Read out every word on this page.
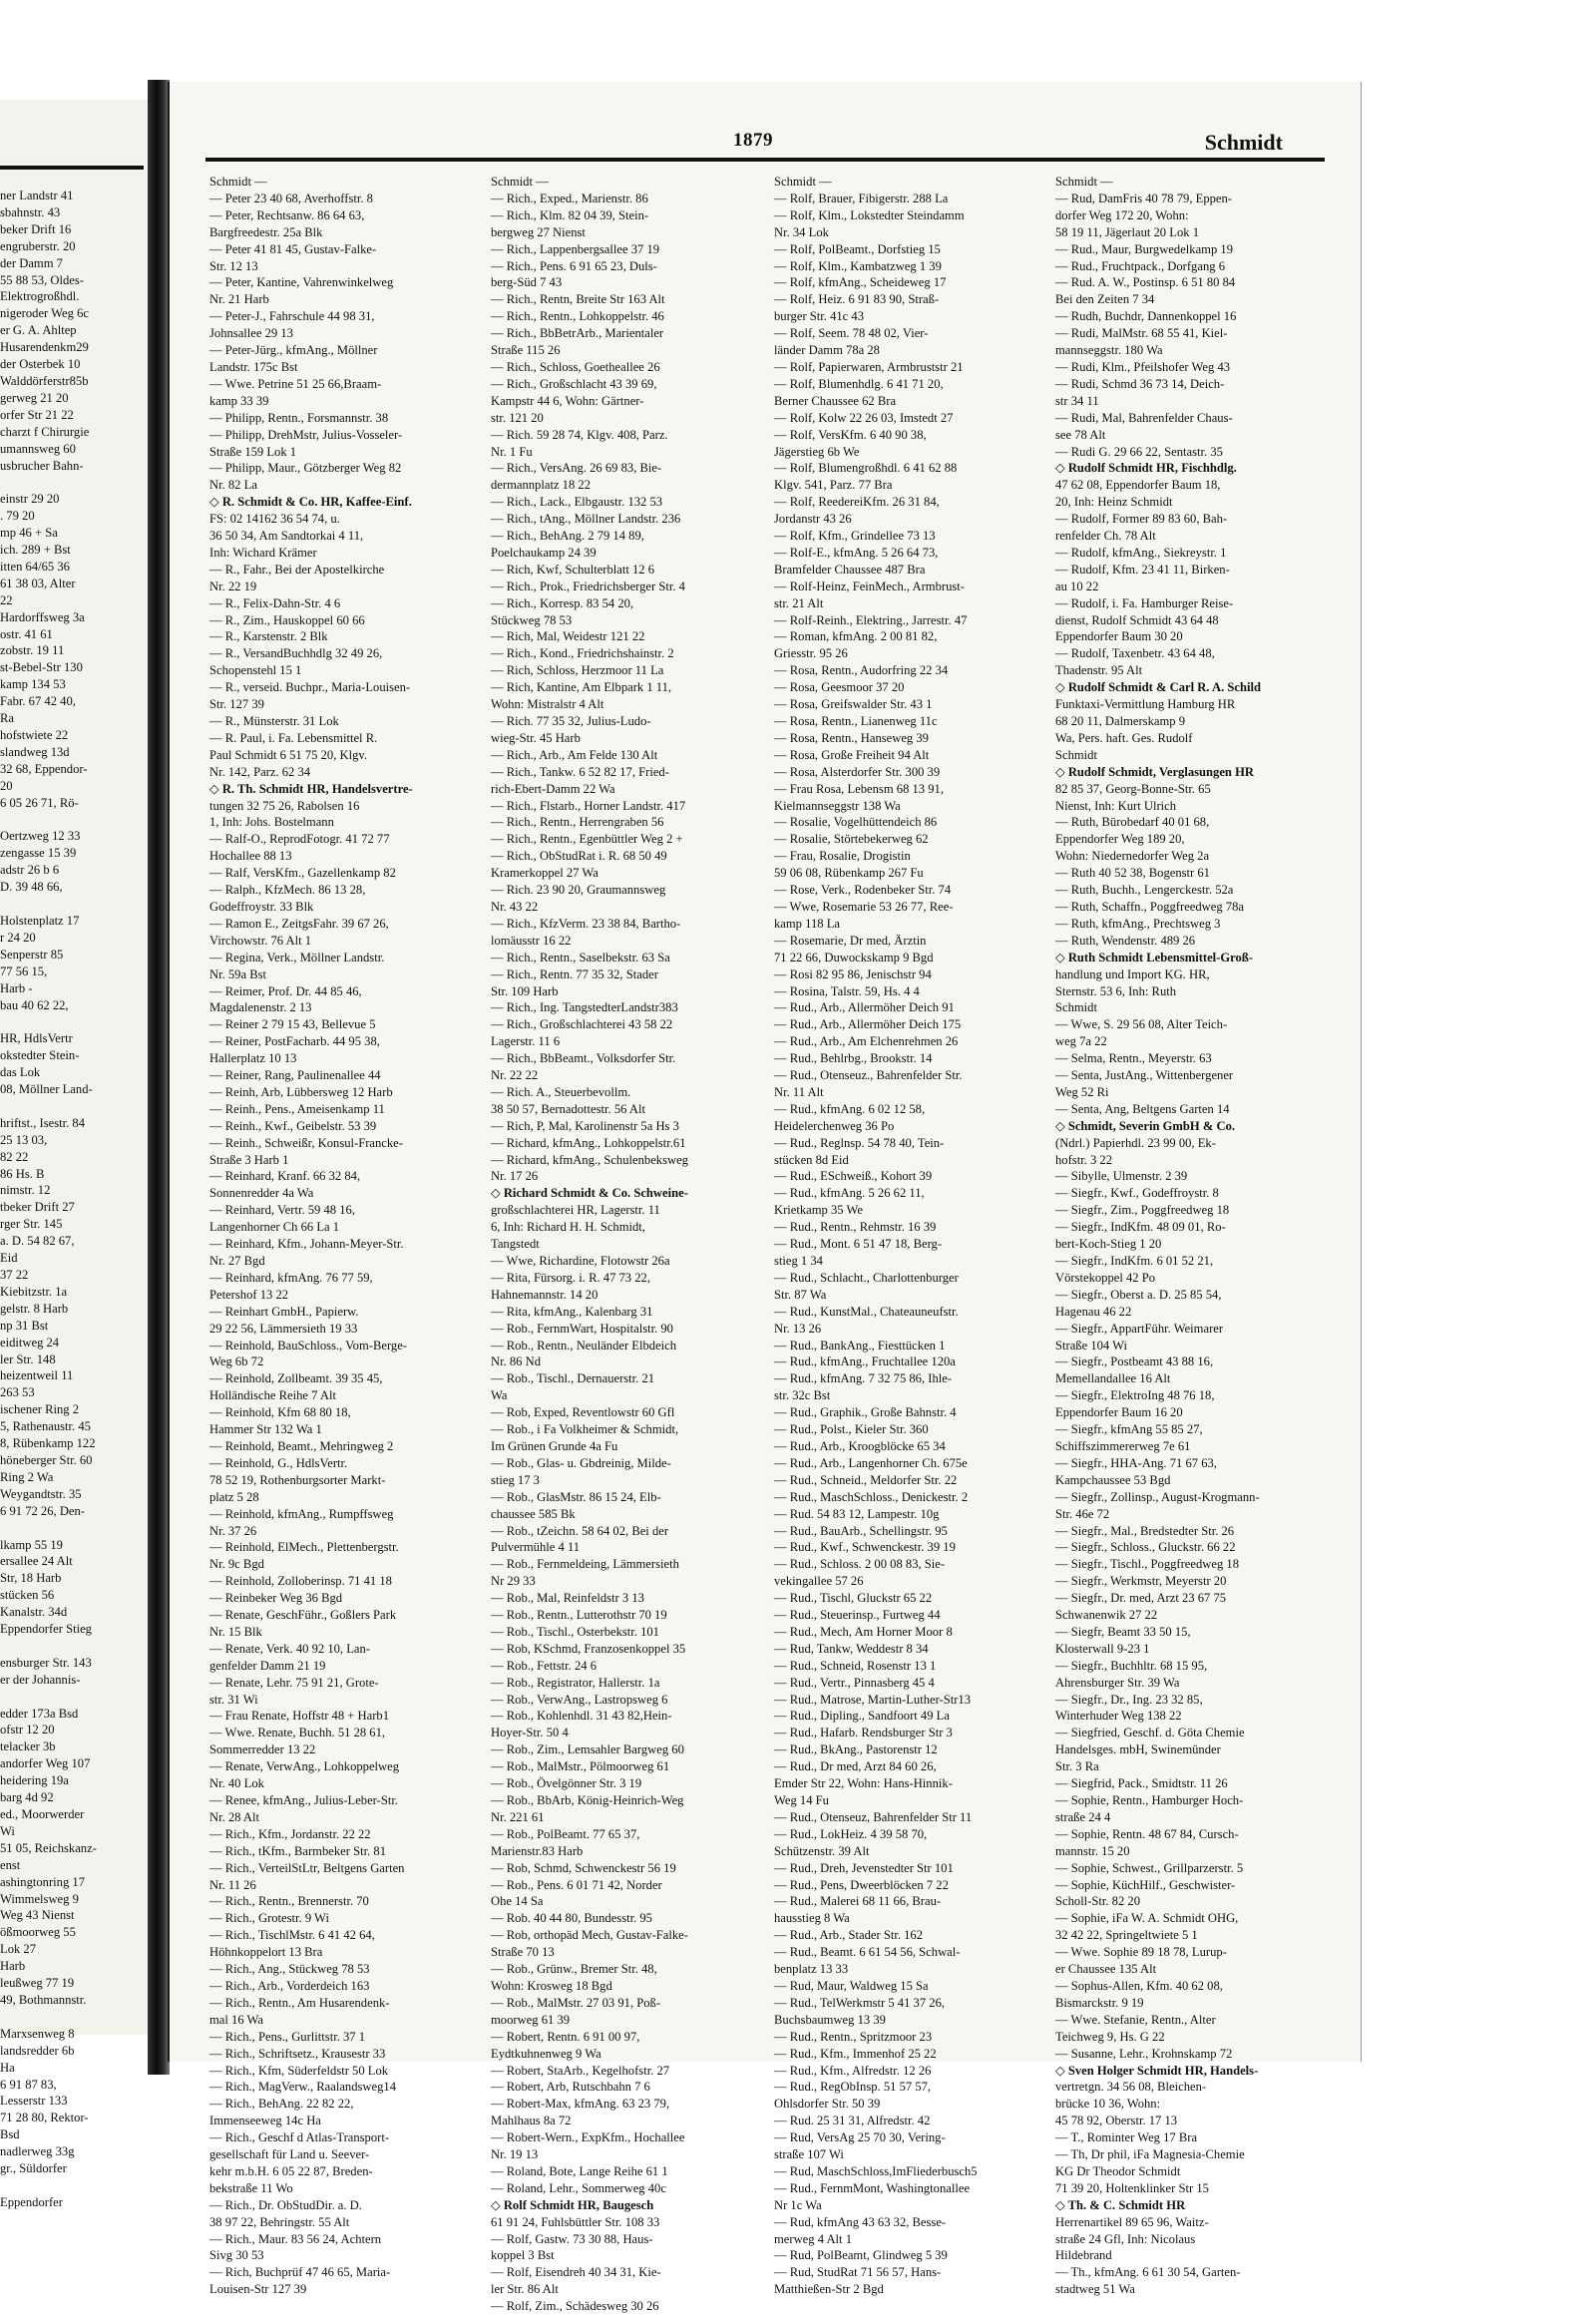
ner Landstr 41
sbahnstr. 43
beker Drift 16
engruberstr. 20
der Damm 7
55 88 53, Oldes-
Elektrogroßhdl.
nigeroder Weg 6c
er G. A. Ahltep
Husarendenkm29
der Osterbek 10
Walddörferstr85b
gerweg 21 20
orfer Str 21 22
charzt f Chirurgie
umannsweg 60
usbrucher Bahn-

einstr 29 20
. 79 20
mp 46 + Sa
ich. 289 + Bst
itten 64/65 36
61 38 03, Alter
22
Hardorffsweg 3a
ostr. 41 61
zobstr. 19 11
st-Bebel-Str 130
kamp 134 53
Fabr. 67 42 40,
Ra
hofstwiete 22
slandweg 13d
32 68, Eppendor-
20
6 05 26 71, Rö-

Oertzweg 12 33
zengasse 15 39
adstr 26 b 6
D. 39 48 66,

Holstenplatz 17
r 24 20
Senperstr 85
77 56 15,
Harb -
bau 40 62 22,

HR, HdlsVertr
okstedter Stein-
das Lok
08, Möllner Land-

hriftst., Isestr. 84
25 13 03,
82 22
86 Hs. B
nimstr. 12
tbeker Drift 27
rger Str. 145
a. D. 54 82 67,
Eid
37 22
Kiebitzstr. 1a
gelstr. 8 Harb
np 31 Bst
eiditweg 24
ler Str. 148
heizentweil 11
263 53
ischener Ring 2
5, Rathenaustr. 45
8, Rübenkamp 122
höneberger Str. 60
Ring 2 Wa
Weygandtstr. 35
6 91 72 26, Den-

lkamp 55 19
ersallee 24 Alt
Str, 18 Harb
stücken 56
Kanalstr. 34d
Eppendorfer Stieg

ensburger Str. 143
er der Johannis-

edder 173a Bsd
ofstr 12 20
telacker 3b
andorfer Weg 107
heidering 19a
barg 4d 92
ed., Moorwerder
Wi
51 05, Reichskanz-
enst
ashingtonring 17
Wimmelsweg 9
Weg 43 Nienst
ößmoorweg 55
Lok 27
Harb
leußweg 77 19
49, Bothmannstr.

Marxsenweg 8
landsredder 6b
Ha
6 91 87 83,
Lesserstr 133
71 28 80, Rektor-
Bsd
nadlerweg 33g
gr., Süldorfer

Eppendorfer
1879	Schmidt
Schmidt —
— Peter 23 40 68, Averhoffstr. 8
— Peter, Rechtsanw. 86 64 63,
Bargfreedestr. 25a Blk
— Peter 41 81 45, Gustav-Falke-
Str. 12 13
— Peter, Kantine, Vahrenwinkelweg
Nr. 21 Harb
— Peter-J., Fahrschule 44 98 31,
Johnsallee 29 13
— Peter-Jürg., kfmAng., Möllner
Landstr. 175c Bst
— Wwe. Petrine 51 25 66,Braam-
kamp 33 39
— Philipp, Rentn., Forsmannstr. 38
— Philipp, DrehMstr, Julius-Vosseler-
Straße 159 Lok 1
— Philipp, Maur., Götzberger Weg 82
Nr. 82 La
◇ R. Schmidt & Co. HR, Kaffee-Einf.
FS: 02 14162 36 54 74, u.
36 50 34, Am Sandtorkai 4 11,
Inh: Wichard Krämer
— R., Fahr., Bei der Apostelkirche
Nr. 22 19
— R., Felix-Dahn-Str. 4 6
— R., Zim., Hauskoppel 60 66
— R., Karstenstr. 2 Blk
— R., VersandBuchhdlg 32 49 26,
Schopenstehl 15 1
— R., verseid. Buchpr., Maria-Louisen-
Str. 127 39
— R., Münsterstr. 31 Lok
— R. Paul, i. Fa. Lebensmittel R.
Paul Schmidt 6 51 75 20, Klgv.
Nr. 142, Parz. 62 34
◇ R. Th. Schmidt HR, Handelsvertre-
tungen 32 75 26, Rabolsen 16
1, Inh: Johs. Bostelmann
— Ralf-O., ReprodFotogr. 41 72 77
Hochallee 88 13
— Ralf, VersKfm., Gazellenkamp 82
— Ralph., KfzMech. 86 13 28,
Godeffroystr. 33 Blk
— Ramon E., ZeitgsFahr. 39 67 26,
Virchowstr. 76 Alt 1
— Regina, Verk., Möllner Landstr.
Nr. 59a Bst
— Reimer, Prof. Dr. 44 85 46,
Magdalenenstr. 2 13
— Reiner 2 79 15 43, Bellevue 5
— Reiner, PostFacharb. 44 95 38,
Hallerplatz 10 13
— Reiner, Rang, Paulinenallee 44
— Reinh, Arb, Lübbersweg 12 Harb
— Reinh., Pens., Ameisenkamp 11
— Reinh., Kwf., Geibelstr. 53 39
— Reinh., Schweißr, Konsul-Francke-
Straße 3 Harb 1
— Reinhard, Kranf. 66 32 84,
Sonnenredder 4a Wa
— Reinhard, Vertr. 59 48 16,
Langenhorner Ch 66 La 1
— Reinhard, Kfm., Johann-Meyer-Str.
Nr. 27 Bgd
— Reinhard, kfmAng. 76 77 59,
Petershof 13 22
— Reinhart GmbH., Papierw.
29 22 56, Lämmersieth 19 33
— Reinhold, BauSchloss., Vom-Berge-
Weg 6b 72
— Reinhold, Zollbeamt. 39 35 45,
Holländische Reihe 7 Alt
— Reinhold, Kfm 68 80 18,
Hammer Str 132 Wa 1
— Reinhold, Beamt., Mehringweg 2
— Reinhold, G., HdlsVertr.
78 52 19, Rothenburgsorter Markt-
platz 5 28
— Reinhold, kfmAng., Rumpffsweg
Nr. 37 26
— Reinhold, ElMech., Plettenbergstr.
Nr. 9c Bgd
— Reinhold, Zolloberinsp. 71 41 18
— Reinbeker Weg 36 Bgd
— Renate, GeschFühr., Goßlers Park
Nr. 15 Blk
— Renate, Verk. 40 92 10, Lan-
genfelder Damm 21 19
— Renate, Lehr. 75 91 21, Grote-
str. 31 Wi
— Frau Renate, Hoffstr 48 + Harb1
— Wwe. Renate, Buchh. 51 28 61,
Sommerredder 13 22
— Renate, VerwAng., Lohkoppelweg
Nr. 40 Lok
— Renee, kfmAng., Julius-Leber-Str.
Nr. 28 Alt
— Rich., Kfm., Jordanstr. 22 22
— Rich., tKfm., Barmbeker Str. 81
— Rich., VerteilStLtr, Beltgens Garten
Nr. 11 26
— Rich., Rentn., Brennerstr. 70
— Rich., Grotestr. 9 Wi
— Rich., TischlMstr. 6 41 42 64,
Höhnkoppelort 13 Bra
— Rich., Ang., Stückweg 78 53
— Rich., Arb., Vorderdeich 163
— Rich., Rentn., Am Husarendenk-
mal 16 Wa
— Rich., Pens., Gurlittstr. 37 1
— Rich., Schriftsetz., Krausestr 33
— Rich., Kfm, Süderfeldstr 50 Lok
— Rich., MagVerw., Raalandsweg14
— Rich., BehAng. 22 82 22,
Immenseeweg 14c Ha
— Rich., Geschf d Atlas-Transport-
gesellschaft für Land u. Seever-
kehr m.b.H. 6 05 22 87, Breden-
bekstraße 11 Wo
— Rich., Dr. ObStudDir. a. D.
38 97 22, Behringstr. 55 Alt
— Rich., Maur. 83 56 24, Achtern
Sivg 30 53
— Rich, Buchprüf 47 46 65, Maria-
Louisen-Str 127 39
Schmidt —
— Rich., Exped., Marienstr. 86
— Rich., Klm. 82 04 39, Stein-
bergweg 27 Nienst
— Rich., Lappenbergsallee 37 19
— Rich., Pens. 6 91 65 23, Duls-
berg-Süd 7 43
— Rich., Rentn, Breite Str 163 Alt
— Rich., Rentn., Lohkoppelstr. 46
— Rich., BbBetrArb., Marientaler
Straße 115 26
— Rich., Schloss, Goetheallee 26
— Rich., Großschlacht 43 39 69,
Kampstr 44 6, Wohn: Gärtner-
str. 121 20
— Rich. 59 28 74, Klgv. 408, Parz.
Nr. 1 Fu
— Rich., VersAng. 26 69 83, Bie-
dermannplatz 18 22
— Rich., Lack., Elbgaustr. 132 53
— Rich., tAng., Möllner Landstr. 236
— Rich., BehAng. 2 79 14 89,
Poelchaukamp 24 39
— Rich, Kwf, Schulterblatt 12 6
— Rich., Prok., Friedrichsberger Str. 4
— Rich., Korresp. 83 54 20,
Stückweg 78 53
— Rich, Mal, Weidestr 121 22
— Rich., Kond., Friedrichshainstr. 2
— Rich, Schloss, Herzmoor 11 La
— Rich, Kantine, Am Elbpark 1 11,
Wohn: Mistralstr 4 Alt
— Rich. 77 35 32, Julius-Ludo-
wieg-Str. 45 Harb
— Rich., Arb., Am Felde 130 Alt
— Rich., Tankw. 6 52 82 17, Fried-
rich-Ebert-Damm 22 Wa
— Rich., Flstarb., Horner Landstr. 417
— Rich., Rentn., Herrengraben 56
— Rich., Rentn., Egenbüttler Weg 2 +
— Rich., ObStudRat i. R. 68 50 49
Kramerkoppel 27 Wa
— Rich. 23 90 20, Graumannsweg
Nr. 43 22
— Rich., KfzVerm. 23 38 84, Bartho-
lomäusstr 16 22
— Rich., Rentn., Saselbekstr. 63 Sa
— Rich., Rentn. 77 35 32, Stader
Str. 109 Harb
— Rich., Ing. TangstedterLandstr383
— Rich., Großschlachterei 43 58 22
Lagerstr. 11 6
— Rich., BbBeamt., Volksdorfer Str.
Nr. 22 22
— Rich. A., Steuerbevollm.
38 50 57, Bernadottestr. 56 Alt
— Rich, P, Mal, Karolinenstr 5a Hs 3
— Richard, kfmAng., Lohkoppelstr.61
— Richard, kfmAng., Schulenbeksweg
Nr. 17 26
◇ Richard Schmidt & Co. Schweine-
großschlachterei HR, Lagerstr. 11
6, Inh: Richard H. H. Schmidt,
Tangstedt
— Wwe, Richardine, Flotowstr 26a
— Rita, Fürsorg. i. R. 47 73 22,
Hahnemannstr. 14 20
— Rita, kfmAng., Kalenbarg 31
— Rob., FernmWart, Hospitalstr. 90
— Rob., Rentn., Neuländer Elbdeich
Nr. 86 Nd
— Rob., Tischl., Dernauerstr. 21
Wa
— Rob, Exped, Reventlowstr 60 Gfl
— Rob., i Fa Volkheimer & Schmidt,
Im Grünen Grunde 4a Fu
— Rob., Glas- u. Gbdreinig, Milde-
stieg 17 3
— Rob., GlasMstr. 86 15 24, Elb-
chaussee 585 Bk
— Rob., tZeichn. 58 64 02, Bei der
Pulvermühle 4 11
— Rob., Fernmeldeing, Lämmersieth
Nr 29 33
— Rob., Mal, Reinfeldstr 3 13
— Rob., Rentn., Lutterothstr 70 19
— Rob., Tischl., Osterbekstr. 101
— Rob, KSchmd, Franzosenkoppel 35
— Rob., Fettstr. 24 6
— Rob., Registrator, Hallerstr. 1a
— Rob., VerwAng., Lastropsweg 6
— Rob., Kohlenhdl. 31 43 82,Hein-
Hoyer-Str. 50 4
— Rob., Zim., Lemsahler Bargweg 60
— Rob., MalMstr., Pölmoorweg 61
— Rob., Övelgönner Str. 3 19
— Rob., BbArb, König-Heinrich-Weg
Nr. 221 61
— Rob., PolBeamt. 77 65 37,
Marienstr.83 Harb
— Rob, Schmd, Schwenckestr 56 19
— Rob., Pens. 6 01 71 42, Norder
Ohe 14 Sa
— Rob. 40 44 80, Bundesstr. 95
— Rob, orthopäd Mech, Gustav-Falke-
Straße 70 13
— Rob., Grünw., Bremer Str. 48,
Wohn: Krosweg 18 Bgd
— Rob., MalMstr. 27 03 91, Poß-
moorweg 61 39
— Robert, Rentn. 6 91 00 97,
Eydtkuhnenweg 9 Wa
— Robert, StaArb., Kegelhofstr. 27
— Robert, Arb, Rutschbahn 7 6
— Robert-Max, kfmAng. 63 23 79,
Mahlhaus 8a 72
— Robert-Wern., ExpKfm., Hochallee
Nr. 19 13
— Roland, Bote, Lange Reihe 61 1
— Roland, Lehr., Sommerweg 40c
◇ Rolf Schmidt HR, Baugesch
61 91 24, Fuhlsbüttler Str. 108 33
— Rolf, Gastw. 73 30 88, Haus-
koppel 3 Bst
— Rolf, Eisendreh 40 34 31, Kie-
ler Str. 86 Alt
— Rolf, Zim., Schädesweg 30 26
Schmidt —
— Rolf, Brauer, Fibigerstr. 288 La
— Rolf, Klm., Lokstedter Steindamm
Nr. 34 Lok
— Rolf, PolBeamt., Dorfstieg 15
— Rolf, Klm., Kambatzweg 1 39
— Rolf, kfmAng., Scheideweg 17
— Rolf, Heiz. 6 91 83 90, Straß-
burger Str. 41c 43
— Rolf, Seem. 78 48 02, Vier-
länder Damm 78a 28
— Rolf, Papierwaren, Armbruststr 21
— Rolf, Blumenhdlg. 6 41 71 20,
Berner Chaussee 62 Bra
— Rolf, Kolw 22 26 03, Imstedt 27
— Rolf, VersKfm. 6 40 90 38,
Jägerstieg 6b We
— Rolf, Blumengroßhdl. 6 41 62 88
Klgv. 541, Parz. 77 Bra
— Rolf, ReedereiKfm. 26 31 84,
Jordanstr 43 26
— Rolf, Kfm., Grindellee 73 13
— Rolf-E., kfmAng. 5 26 64 73,
Bramfelder Chaussee 487 Bra
— Rolf-Heinz, FeinMech., Armbrust-
str. 21 Alt
— Rolf-Reinh., Elektring., Jarrestr. 47
— Roman, kfmAng. 2 00 81 82,
Griesstr. 95 26
— Rosa, Rentn., Audorfring 22 34
— Rosa, Geesmoor 37 20
— Rosa, Greifswalder Str. 43 1
— Rosa, Rentn., Lianenweg 11c
— Rosa, Rentn., Hanseweg 39
— Rosa, Große Freiheit 94 Alt
— Rosa, Alsterdorfer Str. 300 39
— Frau Rosa, Lebensm 68 13 91,
Kielmannseggstr 138 Wa
— Rosalie, Vogelhüttendeich 86
— Rosalie, Störtebekerweg 62
— Frau, Rosalie, Drogistin
59 06 08, Rübenkamp 267 Fu
— Rose, Verk., Rodenbeker Str. 74
— Wwe, Rosemarie 53 26 77, Ree-
kamp 118 La
— Rosemarie, Dr med, Ärztin
71 22 66, Duwockskamp 9 Bgd
— Rosi 82 95 86, Jenischstr 94
— Rosina, Talstr. 59, Hs. 4 4
— Rud., Arb., Allermöher Deich 91
— Rud., Arb., Allermöher Deich 175
— Rud., Arb., Am Elchenrehmen 26
— Rud., Behlrbg., Brookstr. 14
— Rud., Otenseuz., Bahrenfelder Str.
Nr. 11 Alt
— Rud., kfmAng. 6 02 12 58,
Heidelerchenweg 36 Po
— Rud., Reglnsp. 54 78 40, Tein-
stücken 8d Eid
— Rud., ESchweiß., Kohort 39
— Rud., kfmAng. 5 26 62 11,
Krietkamp 35 We
— Rud., Rentn., Rehmstr. 16 39
— Rud., Mont. 6 51 47 18, Berg-
stieg 1 34
— Rud., Schlacht., Charlottenburger
Str. 87 Wa
— Rud., KunstMal., Chateauneufstr.
Nr. 13 26
— Rud., BankAng., Fiesttücken 1
— Rud., kfmAng., Fruchtallee 120a
— Rud., kfmAng. 7 32 75 86, Ihle-
str. 32c Bst
— Rud., Graphik., Große Bahnstr. 4
— Rud., Polst., Kieler Str. 360
— Rud., Arb., Kroogblöcke 65 34
— Rud., Arb., Langenhorner Ch. 675e
— Rud., Schneid., Meldorfer Str. 22
— Rud., MaschSchloss., Denickestr. 2
— Rud. 54 83 12, Lampestr. 10g
— Rud., BauArb., Schellingstr. 95
— Rud., Kwf., Schwenckestr. 39 19
— Rud., Schloss. 2 00 08 83, Sie-
vekingallee 57 26
— Rud., Tischl, Gluckstr 65 22
— Rud., Steuerinsp., Furtweg 44
— Rud., Mech, Am Horner Moor 8
— Rud, Tankw, Weddestr 8 34
— Rud., Schneid, Rosenstr 13 1
— Rud., Vertr., Pinnasberg 45 4
— Rud., Matrose, Martin-Luther-Str13
— Rud., Dipling., Sandfoort 49 La
— Rud., Hafarb. Rendsburger Str 3
— Rud., BkAng., Pastorenstr 12
— Rud., Dr med, Arzt 84 60 26,
Emder Str 22, Wohn: Hans-Hinnik-
Weg 14 Fu
— Rud., Otenseuz, Bahrenfelder Str 11
— Rud., LokHeiz. 4 39 58 70,
Schützenstr. 39 Alt
— Rud., Dreh, Jevenstedter Str 101
— Rud., Pens, Dweerblöcken 7 22
— Rud., Malerei 68 11 66, Brau-
hausstieg 8 Wa
— Rud., Arb., Stader Str. 162
— Rud., Beamt. 6 61 54 56, Schwal-
benplatz 13 33
— Rud, Maur, Waldweg 15 Sa
— Rud., TelWerkmstr 5 41 37 26,
Buchsbaumweg 13 39
— Rud., Rentn., Spritzmoor 23
— Rud., Kfm., Immenhof 25 22
— Rud., Kfm., Alfredstr. 12 26
— Rud., RegObInsp. 51 57 57,
Ohlsdorfer Str. 50 39
— Rud. 25 31 31, Alfredstr. 42
— Rud, VersAg 25 70 30, Vering-
straße 107 Wi
— Rud, MaschSchloss,ImFliederbusch5
— Rud., FernmMont, Washingtonallee
Nr 1c Wa
— Rud, kfmAng 43 63 32, Besse-
merweg 4 Alt 1
— Rud, PolBeamt, Glindweg 5 39
— Rud, StudRat 71 56 57, Hans-
Matthießen-Str 2 Bgd
Schmidt —
— Rud, DamFris 40 78 79, Eppen-
dorfer Weg 172 20, Wohn:
58 19 11, Jägerlaut 20 Lok 1
— Rud., Maur, Burgwedelkamp 19
— Rud., Fruchtpack., Dorfgang 6
— Rud. A. W., Postinsp. 6 51 80 84
Bei den Zeiten 7 34
— Rudh, Buchdr, Dannenkoppel 16
— Rudi, MalMstr. 68 55 41, Kiel-
mannseggstr. 180 Wa
— Rudi, Klm., Pfeilshofer Weg 43
— Rudi, Schmd 36 73 14, Deich-
str 34 11
— Rudi, Mal, Bahrenfelder Chaus-
see 78 Alt
— Rudi G. 29 66 22, Sentastr. 35
◇ Rudolf Schmidt HR, Fischhdlg.
47 62 08, Eppendorfer Baum 18,
20, Inh: Heinz Schmidt
— Rudolf, Former 89 83 60, Bah-
renfelder Ch. 78 Alt
— Rudolf, kfmAng., Siekreystr. 1
— Rudolf, Kfm. 23 41 11, Birken-
au 10 22
— Rudolf, i. Fa. Hamburger Reise-
dienst, Rudolf Schmidt 43 64 48
Eppendorfer Baum 30 20
— Rudolf, Taxenbetr. 43 64 48,
Thadenstr. 95 Alt
◇ Rudolf Schmidt & Carl R. A. Schild
Funktaxi-Vermittlung Hamburg HR
68 20 11, Dalmerskamp 9
Wa, Pers. haft. Ges. Rudolf
Schmidt
◇ Rudolf Schmidt, Verglasungen HR
82 85 37, Georg-Bonne-Str. 65
Nienst, Inh: Kurt Ulrich
— Ruth, Bürobedarf 40 01 68,
Eppendorfer Weg 189 20,
Wohn: Niedernedorfer Weg 2a
— Ruth 40 52 38, Bogenstr 61
— Ruth, Buchh., Lengerckestr. 52a
— Ruth, Schaffn., Poggfreedweg 78a
— Ruth, kfmAng., Prechtsweg 3
— Ruth, Wendenstr. 489 26
◇ Ruth Schmidt Lebensmittel-Groß-
handlung und Import KG. HR,
Sternstr. 53 6, Inh: Ruth
Schmidt
— Wwe, S. 29 56 08, Alter Teich-
weg 7a 22
— Selma, Rentn., Meyerstr. 63
— Senta, JustAng., Wittenbergener
Weg 52 Ri
— Senta, Ang, Beltgens Garten 14
◇ Schmidt, Severin GmbH & Co.
(Ndrl.) Papierhdl. 23 99 00, Ek-
hofstr. 3 22
— Sibylle, Ulmenstr. 2 39
— Siegfr., Kwf., Godeffroystr. 8
— Siegfr., Zim., Poggfreedweg 18
— Siegfr., IndKfm. 48 09 01, Ro-
bert-Koch-Stieg 1 20
— Siegfr., IndKfm. 6 01 52 21,
Vörstekoppel 42 Po
— Siegfr., Oberst a. D. 25 85 54,
Hagenau 46 22
— Siegfr., AppartFühr. Weimarer
Straße 104 Wi
— Siegfr., Postbeamt 43 88 16,
Memellandallee 16 Alt
— Siegfr., ElektroIng 48 76 18,
Eppendorfer Baum 16 20
— Siegfr., kfmAng 55 85 27,
Schiffszimmererweg 7e 61
— Siegfr., HHA-Ang. 71 67 63,
Kampchaussee 53 Bgd
— Siegfr., Zollinsp., August-Krogmann-
Str. 46e 72
— Siegfr., Mal., Bredstedter Str. 26
— Siegfr., Schloss., Gluckstr. 66 22
— Siegfr., Tischl., Poggfreedweg 18
— Siegfr., Werkmstr, Meyerstr 20
— Siegfr., Dr. med, Arzt 23 67 75
Schwanenwik 27 22
— Siegfr, Beamt 33 50 15,
Klosterwall 9-23 1
— Siegfr., Buchhltr. 68 15 95,
Ahrensburger Str. 39 Wa
— Siegfr., Dr., Ing. 23 32 85,
Winterhuder Weg 138 22
— Siegfried, Geschf. d. Göta Chemie
Handelsges. mbH, Swinemünder
Str. 3 Ra
— Siegfrid, Pack., Smidtstr. 11 26
— Sophie, Rentn., Hamburger Hoch-
straße 24 4
— Sophie, Rentn. 48 67 84, Cursch-
mannstr. 15 20
— Sophie, Schwest., Grillparzerstr. 5
— Sophie, KüchHilf., Geschwister-
Scholl-Str. 82 20
— Sophie, iFa W. A. Schmidt OHG,
32 42 22, Springeltwiete 5 1
— Wwe. Sophie 89 18 78, Lurup-
er Chaussee 135 Alt
— Sophus-Allen, Kfm. 40 62 08,
Bismarckstr. 9 19
— Wwe. Stefanie, Rentn., Alter
Teichweg 9, Hs. G 22
— Susanne, Lehr., Krohnskamp 72
◇ Sven Holger Schmidt HR, Handels-
vertretgn. 34 56 08, Bleichen-
brücke 10 36, Wohn:
45 78 92, Oberstr. 17 13
— T., Rominter Weg 17 Bra
— Th, Dr phil, iFa Magnesia-Chemie
KG Dr Theodor Schmidt
71 39 20, Holtenklinker Str 15
◇ Th. & C. Schmidt HR
Herrenartikel 89 65 96, Waitz-
straße 24 Gfl, Inh: Nicolaus
Hildebrand
— Th., kfmAng. 6 61 30 54, Garten-
stadtweg 51 Wa
